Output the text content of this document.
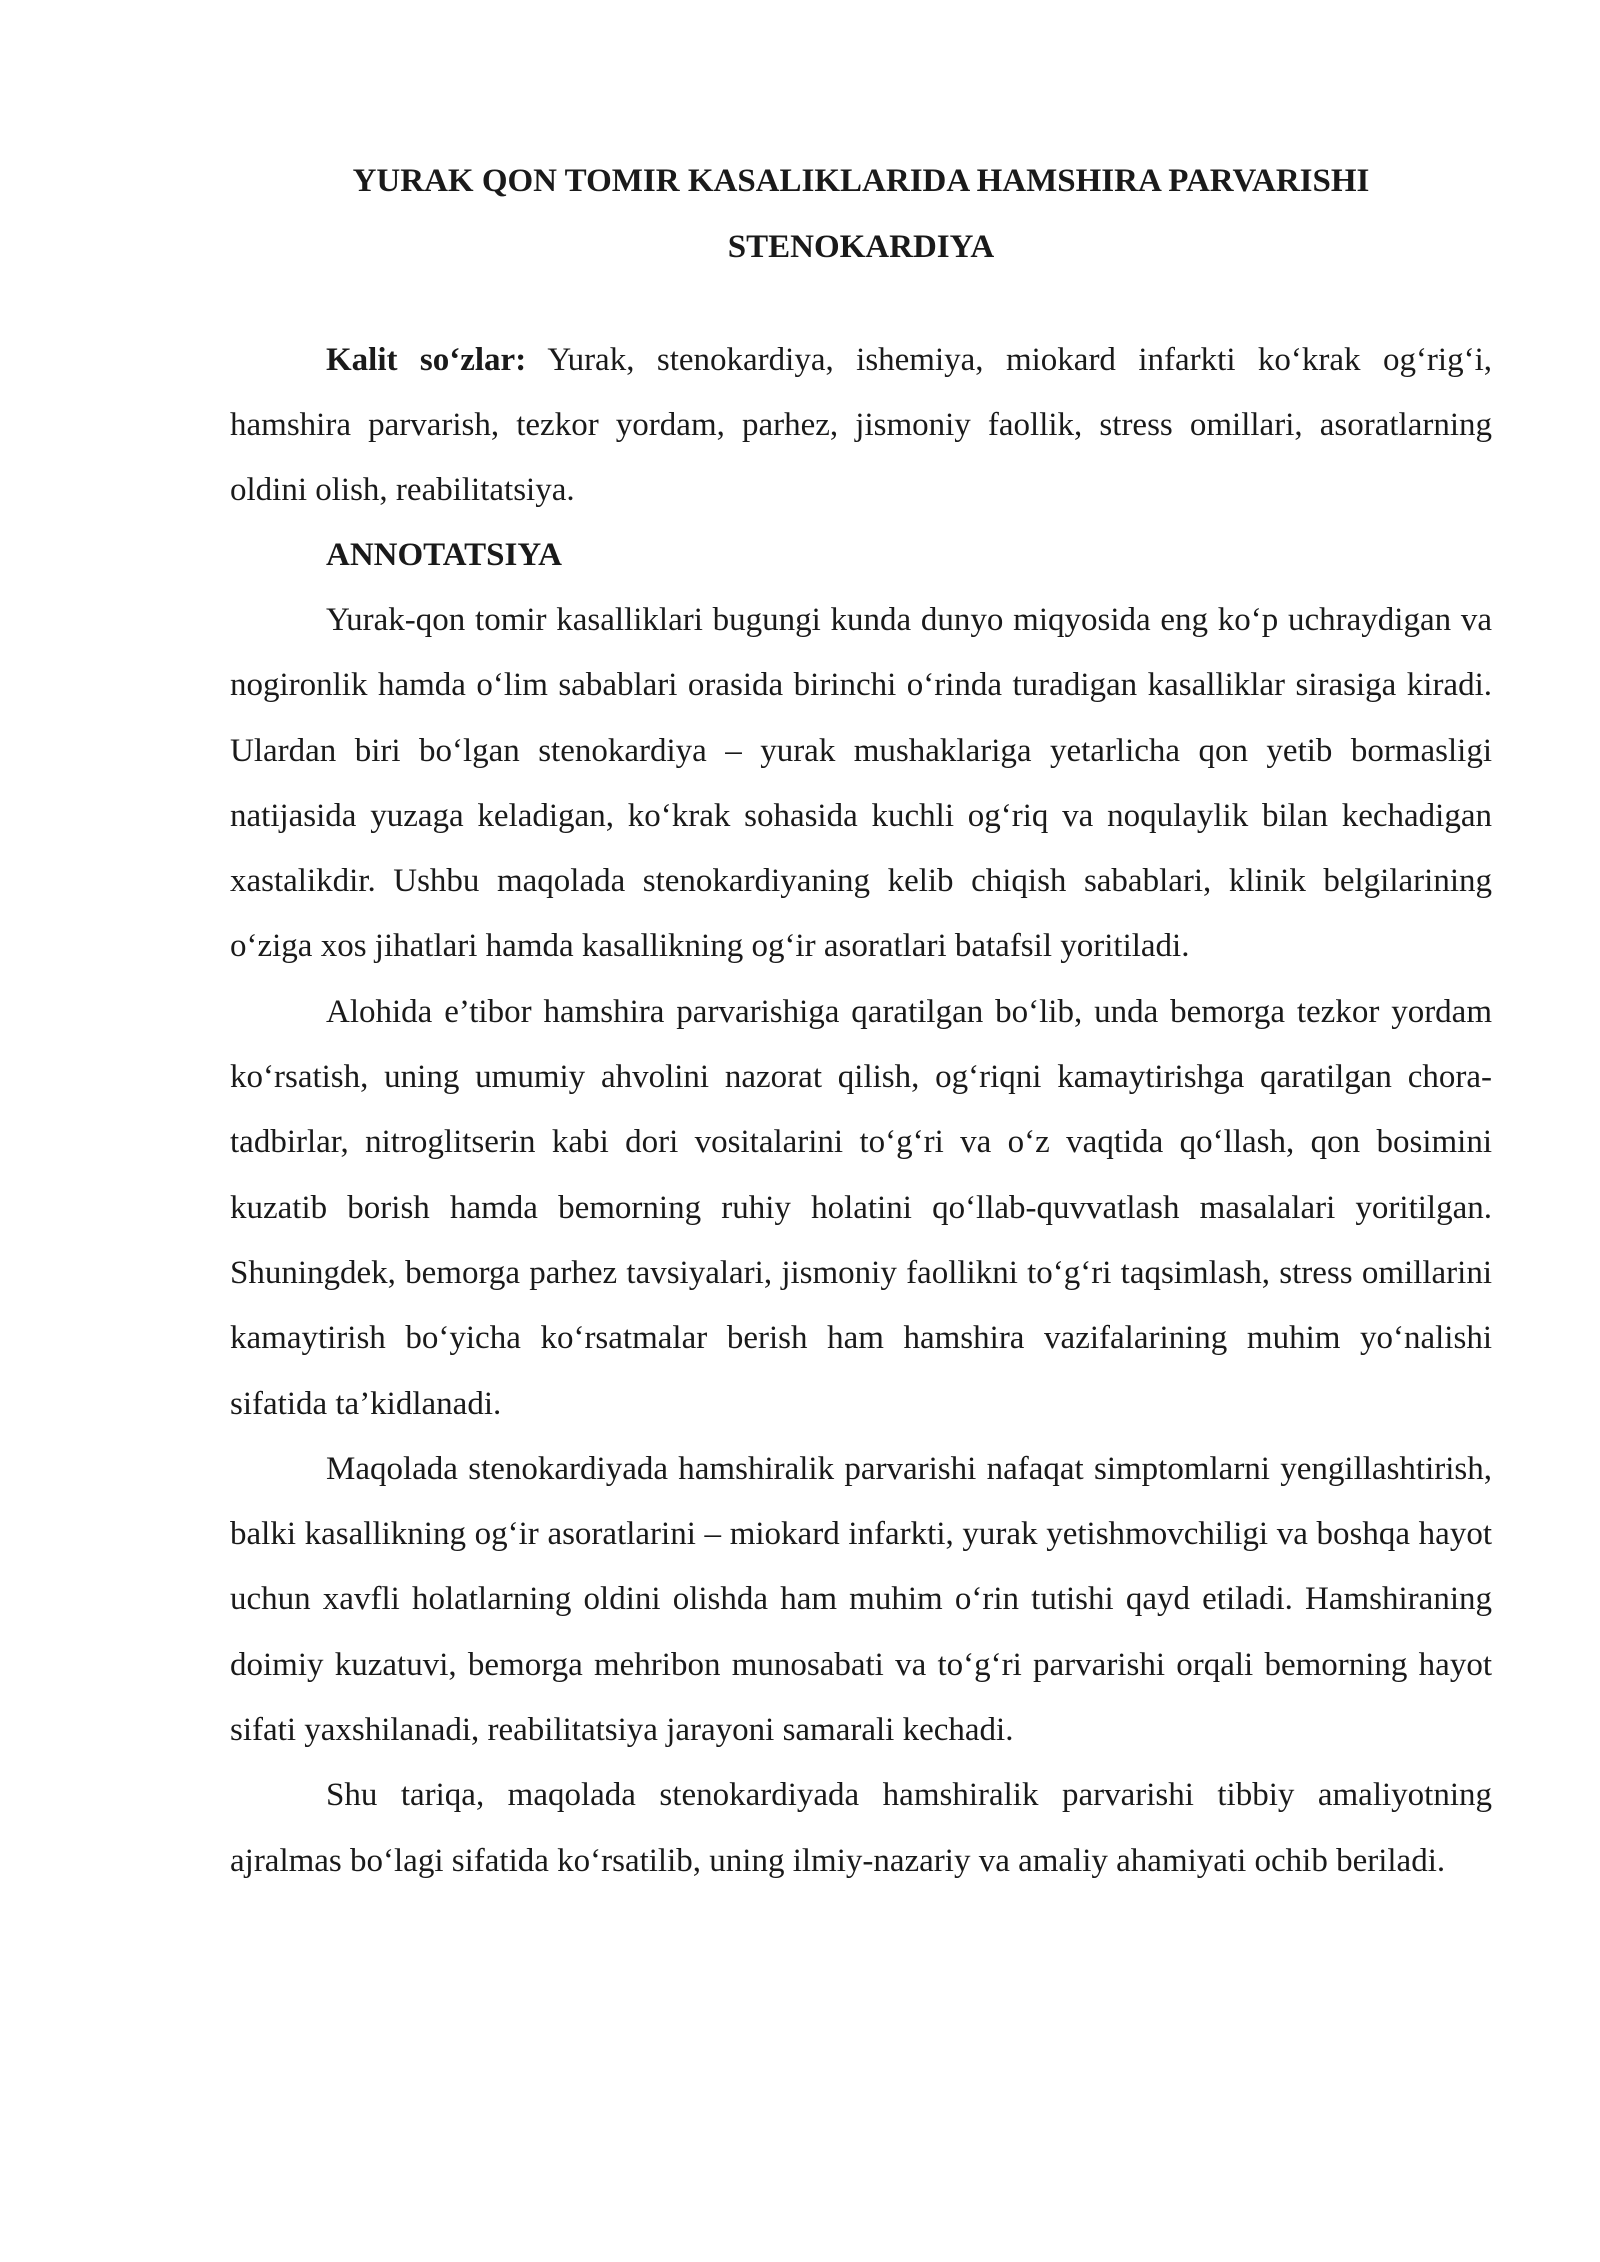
YURAK QON TOMIR KASALIKLARIDA HAMSHIRA PARVARISHI
STENOKARDIYA
Kalit so‘zlar: Yurak, stenokardiya, ishemiya, miokard infarkti ko‘krak og‘rig‘i, hamshira parvarish, tezkor yordam, parhez, jismoniy faollik, stress omillari, asoratlarning oldini olish, reabilitatsiya.
ANNOTATSIYA

Yurak-qon tomir kasalliklari bugungi kunda dunyo miqyosida eng ko‘p uchraydigan va nogironlik hamda o‘lim sabablari orasida birinchi o‘rinda turadigan kasalliklar sirasiga kiradi. Ulardan biri bo‘lgan stenokardiya – yurak mushaklariga yetarlicha qon yetib bormasligi natijasida yuzaga keladigan, ko‘krak sohasida kuchli og‘riq va noqulaylik bilan kechadigan xastalikdir. Ushbu maqolada stenokardiyaning kelib chiqish sabablari, klinik belgilarining o‘ziga xos jihatlari hamda kasallikning og‘ir asoratlari batafsil yoritiladi.

Alohida e’tibor hamshira parvarishiga qaratilgan bo‘lib, unda bemorga tezkor yordam ko‘rsatish, uning umumiy ahvolini nazorat qilish, og‘riqni kamaytirishga qaratilgan chora-tadbirlar, nitroglitserin kabi dori vositalarini to‘g‘ri va o‘z vaqtida qo‘llash, qon bosimini kuzatib borish hamda bemorning ruhiy holatini qo‘llab-quvvatlash masalalari yoritilgan. Shuningdek, bemorga parhez tavsiyalari, jismoniy faollikni to‘g‘ri taqsimlash, stress omillarini kamaytirish bo‘yicha ko‘rsatmalar berish ham hamshira vazifalarining muhim yo‘nalishi sifatida ta’kidlanadi.

Maqolada stenokardiyada hamshiralik parvarishi nafaqat simptomlarni yengillashtirish, balki kasallikning og‘ir asoratlarini – miokard infarkti, yurak yetishmovchiligi va boshqa hayot uchun xavfli holatlarning oldini olishda ham muhim o‘rin tutishi qayd etiladi. Hamshiraning doimiy kuzatuvi, bemorga mehribon munosabati va to‘g‘ri parvarishi orqali bemorning hayot sifati yaxshilanadi, reabilitatsiya jarayoni samarali kechadi.

Shu tariqa, maqolada stenokardiyada hamshiralik parvarishi tibbiy amaliyotning ajralmas bo‘lagi sifatida ko‘rsatilib, uning ilmiy-nazariy va amaliy ahamiyati ochib beriladi.
